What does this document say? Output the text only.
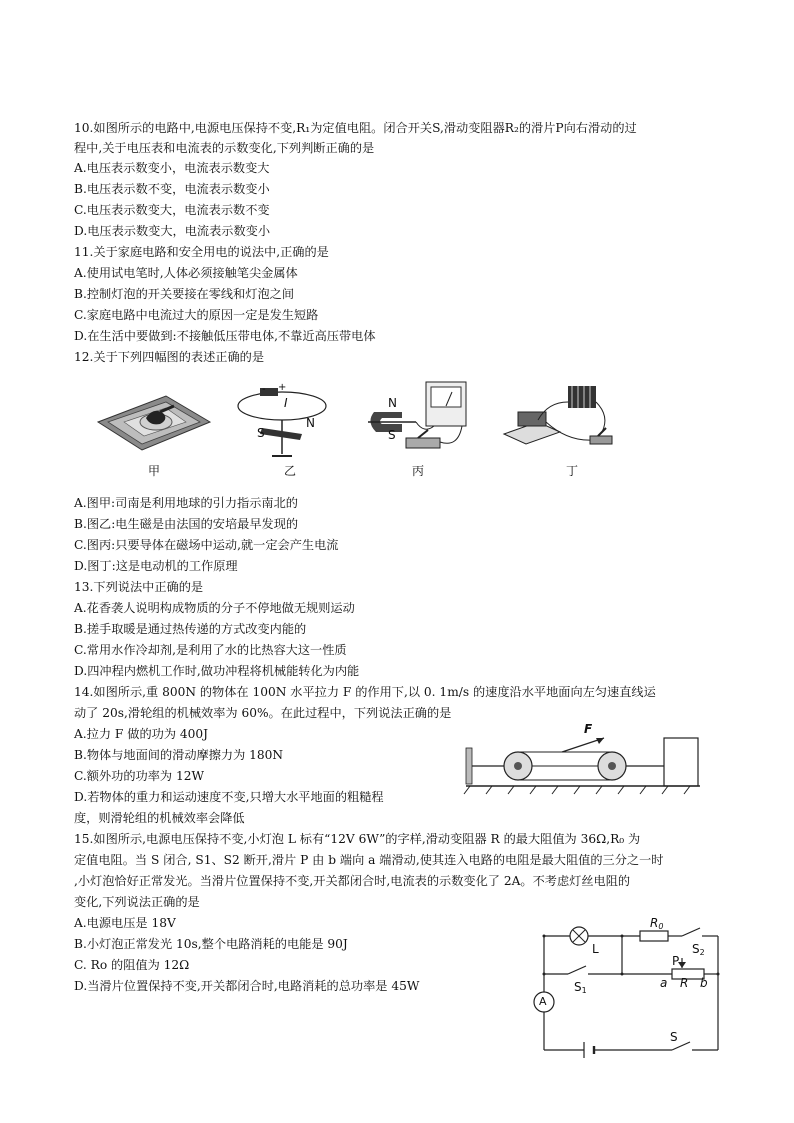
10.如图所示的电路中,电源电压保持不变,R₁为定值电阻。闭合开关S,滑动变阻器R₂的滑片P向右滑动的过
程中,关于电压表和电流表的示数变化,下列判断正确的是
A.电压表示数变小，电流表示数变大
B.电压表示数不变，电流表示数变小
C.电压表示数变大，电流表示数不变
D.电压表示数变大，电流表示数变小
11.关于家庭电路和安全用电的说法中,正确的是
A.使用试电笔时,人体必须接触笔尖金属体
B.控制灯泡的开关要接在零线和灯泡之间
C.家庭电路中电流过大的原因一定是发生短路
D.在生活中要做到:不接触低压带电体,不靠近高压带电体
12.关于下列四幅图的表述正确的是
甲
- +
I
S
N
乙
N
S
丙	丁
A.图甲:司南是利用地球的引力指示南北的
B.图乙:电生磁是由法国的安培最早发现的
C.图丙:只要导体在磁场中运动,就一定会产生电流
D.图丁:这是电动机的工作原理
13.下列说法中正确的是
A.花香袭人说明构成物质的分子不停地做无规则运动
B.搓手取暖是通过热传递的方式改变内能的
C.常用水作冷却剂,是利用了水的比热容大这一性质
D.四冲程内燃机工作时,做功冲程将机械能转化为内能
14.如图所示,重 800N 的物体在 100N 水平拉力 F 的作用下,以 0. 1m/s 的速度沿水平地面向左匀速直线运
动了 20s,滑轮组的机械效率为 60%。在此过程中，下列说法正确的是
A.拉力 F 做的功为 400J
B.物体与地面间的滑动摩擦力为 180N
C.额外功的功率为 12W
D.若物体的重力和运动速度不变,只增大水平地面的粗糙程
度，则滑轮组的机械效率会降低
F
15.如图所示,电源电压保持不变,小灯泡 L 标有“12V 6W”的字样,滑动变阻器 R 的最大阻值为 36Ω,R₀ 为
定值电阻。当 S 闭合, S1、S2 断开,滑片 P 由 b 端向 a 端滑动,使其连入电路的电阻是最大阻值的三分之一时
,小灯泡恰好正常发光。当滑片位置保持不变,开关都闭合时,电流表的示数变化了 2A。不考虑灯丝电阻的
变化,下列说法正确的是
A.电源电压是 18V
B.小灯泡正常发光 10s,整个电路消耗的电能是 90J
C. Ro 的阻值为 12Ω
D.当滑片位置保持不变,开关都闭合时,电路消耗的总功率是 45W
L
$R_0$
$S_2$
$S_1$
P
a R b
A
S
